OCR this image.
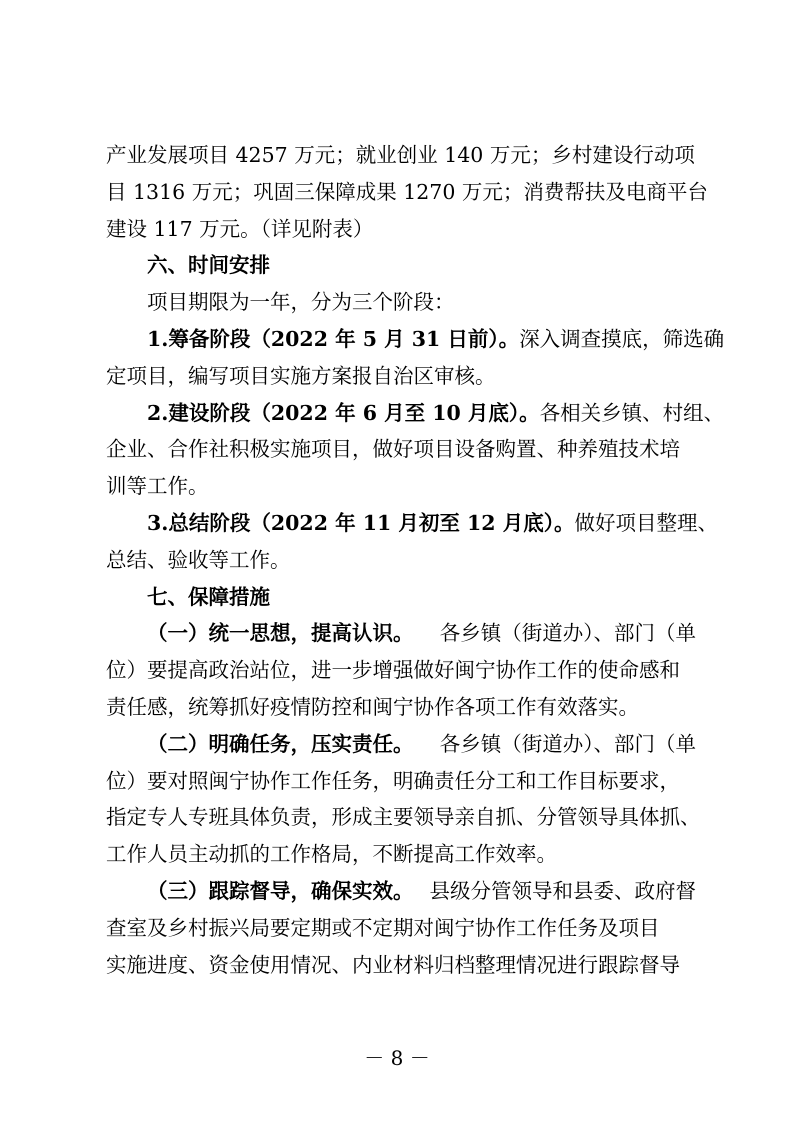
产业发展项目 4257 万元；就业创业 140 万元；乡村建设行动项
目 1316 万元；巩固三保障成果 1270 万元；消费帮扶及电商平台
建设 117 万元。（详见附表）
六、时间安排
项目期限为一年，分为三个阶段：
1.筹备阶段（2022 年 5 月 31 日前）。 深入调查摸底，筛选确
定项目，编写项目实施方案报自治区审核。
2.建设阶段（2022 年 6 月至 10 月底）。 各相关乡镇、村组、
企业、合作社积极实施项目，做好项目设备购置、种养殖技术培
训等工作。
3.总结阶段（2022 年 11 月初至 12 月底）。 做好项目整理、
总结、验收等工作。
七、保障措施
（一）统一思想，提高认识。 各乡镇（街道办）、部门（单
位）要提高政治站位，进一步增强做好闽宁协作工作的使命感和
责任感，统筹抓好疫情防控和闽宁协作各项工作有效落实。
（二）明确任务，压实责任。 各乡镇（街道办）、部门（单
位）要对照闽宁协作工作任务，明确责任分工和工作目标要求，
指定专人专班具体负责，形成主要领导亲自抓、分管领导具体抓、
工作人员主动抓的工作格局，不断提高工作效率。
（三）跟踪督导，确保实效。 县级分管领导和县委、政府督
查室及乡村振兴局要定期或不定期对闽宁协作工作任务及项目
实施进度、资金使用情况、内业材料归档整理情况进行跟踪督导
－ 8 －
